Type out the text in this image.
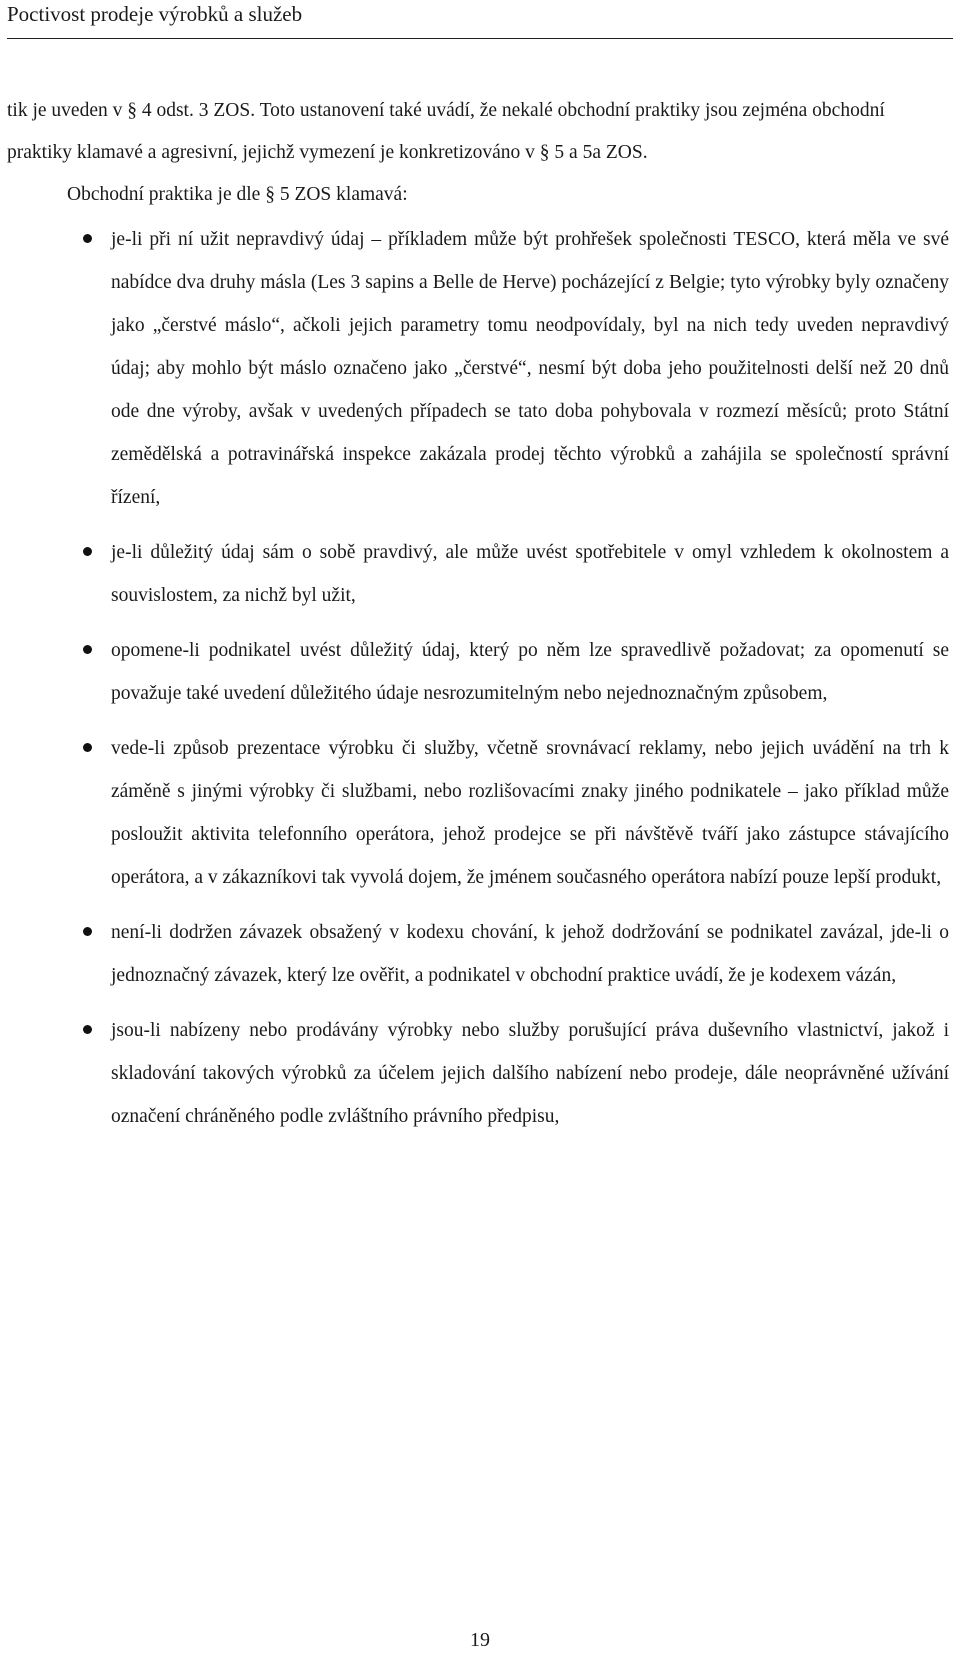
Poctivost prodeje výrobků a služeb

tik je uveden v § 4 odst. 3 ZOS. Toto ustanovení také uvádí, že nekalé obchodní praktiky jsou zejména obchodní praktiky klamavé a agresivní, jejichž vymezení je konkretizováno v § 5 a 5a ZOS.

Obchodní praktika je dle § 5 ZOS klamavá:

je-li při ní užit nepravdivý údaj – příkladem může být prohřešek společnosti TESCO, která měla ve své nabídce dva druhy másla (Les 3 sapins a Belle de Herve) pocházející z Belgie; tyto výrobky byly označeny jako „čerstvé máslo“, ačkoli jejich parametry tomu neodpovídaly, byl na nich tedy uveden nepravdivý údaj; aby mohlo být máslo označeno jako „čerstvé“, nesmí být doba jeho použitelnosti delší než 20 dnů ode dne výroby, avšak v uvedených případech se tato doba pohybovala v rozmezí měsíců; proto Státní zemědělská a potravinářská inspekce zakázala prodej těchto výrobků a zahájila se společností správní řízení,
je-li důležitý údaj sám o sobě pravdivý, ale může uvést spotřebitele v omyl vzhledem k okolnostem a souvislostem, za nichž byl užit,
opomene-li podnikatel uvést důležitý údaj, který po něm lze spravedlivě požadovat; za opomenutí se považuje také uvedení důležitého údaje nesrozumitelným nebo nejednoznačným způsobem,
vede-li způsob prezentace výrobku či služby, včetně srovnávací reklamy, nebo jejich uvádění na trh k záměně s jinými výrobky či službami, nebo rozlišovacími znaky jiného podnikatele – jako příklad může posloužit aktivita telefonního operátora, jehož prodejce se při návštěvě tváří jako zástupce stávajícího operátora, a v zákazníkovi tak vyvolá dojem, že jménem současného operátora nabízí pouze lepší produkt,
není-li dodržen závazek obsažený v kodexu chování, k jehož dodržování se podnikatel zavázal, jde-li o jednoznačný závazek, který lze ověřit, a podnikatel v obchodní praktice uvádí, že je kodexem vázán,
jsou-li nabízeny nebo prodávány výrobky nebo služby porušující práva duševního vlastnictví, jakož i skladování takových výrobků za účelem jejich dalšího nabízení nebo prodeje, dále neoprávněné užívání označení chráněného podle zvláštního právního předpisu,
19
